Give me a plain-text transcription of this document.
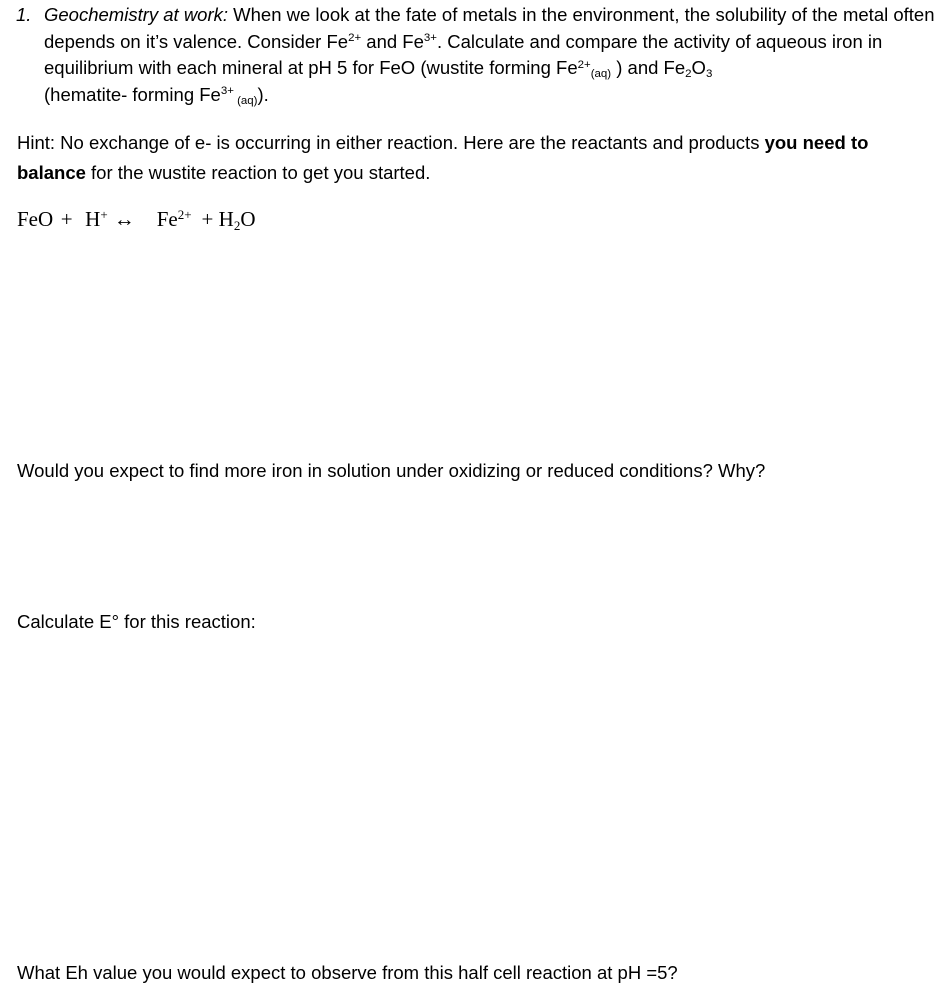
1. Geochemistry at work: When we look at the fate of metals in the environment, the solubility of the metal often depends on it’s valence. Consider $Fe^{2+}$ and $Fe^{3+}$. Calculate and compare the activity of aqueous iron in equilibrium with each mineral at pH 5 for FeO (wustite forming $Fe^{2+}_{(aq)}$ ) and $Fe_2O_3$
(hematite- forming $Fe^{3+}$ $_{(aq)}$).
Hint: No exchange of e- is occurring in either reaction. Here are the reactants and products you need to balance for the wustite reaction to get you started.
FeO + H+ ↔ $Fe^{2+} + H_2O$
Would you expect to find more iron in solution under oxidizing or reduced conditions? Why?
Calculate E° for this reaction:
What Eh value you would expect to observe from this half cell reaction at pH =5?
